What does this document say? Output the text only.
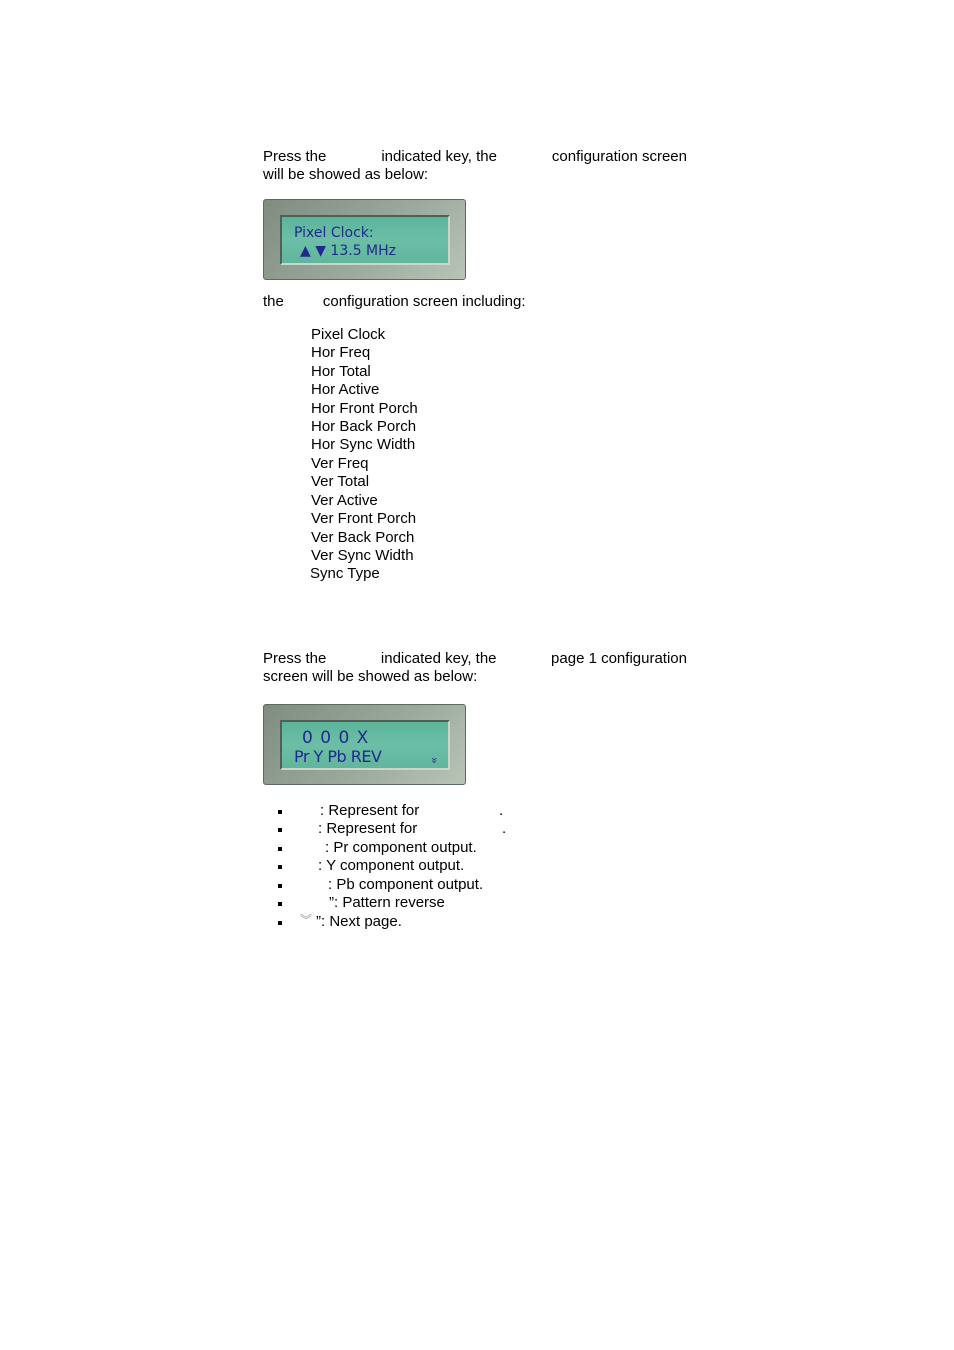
Press the	indicated key, the	configuration screen
will be showed as below:
Pixel Clock:
▲ ▼ 13.5 MHz
the	configuration screen including:
Pixel Clock
Hor Freq
Hor Total
Hor Active
Hor Front Porch
Hor Back Porch
Hor Sync Width
Ver Freq
Ver Total
Ver Active
Ver Front Porch
Ver Back Porch
Ver Sync Width
Sync Type
Press the	indicated key, the	page 1 configuration
screen will be showed as below:
0 0 0 X
Pr Y Pb REV	»
: Represent for	.
: Represent for	.
: Pr component output.
: Y component output.
: Pb component output.
”: Pattern reverse
︾ ”: Next page.
